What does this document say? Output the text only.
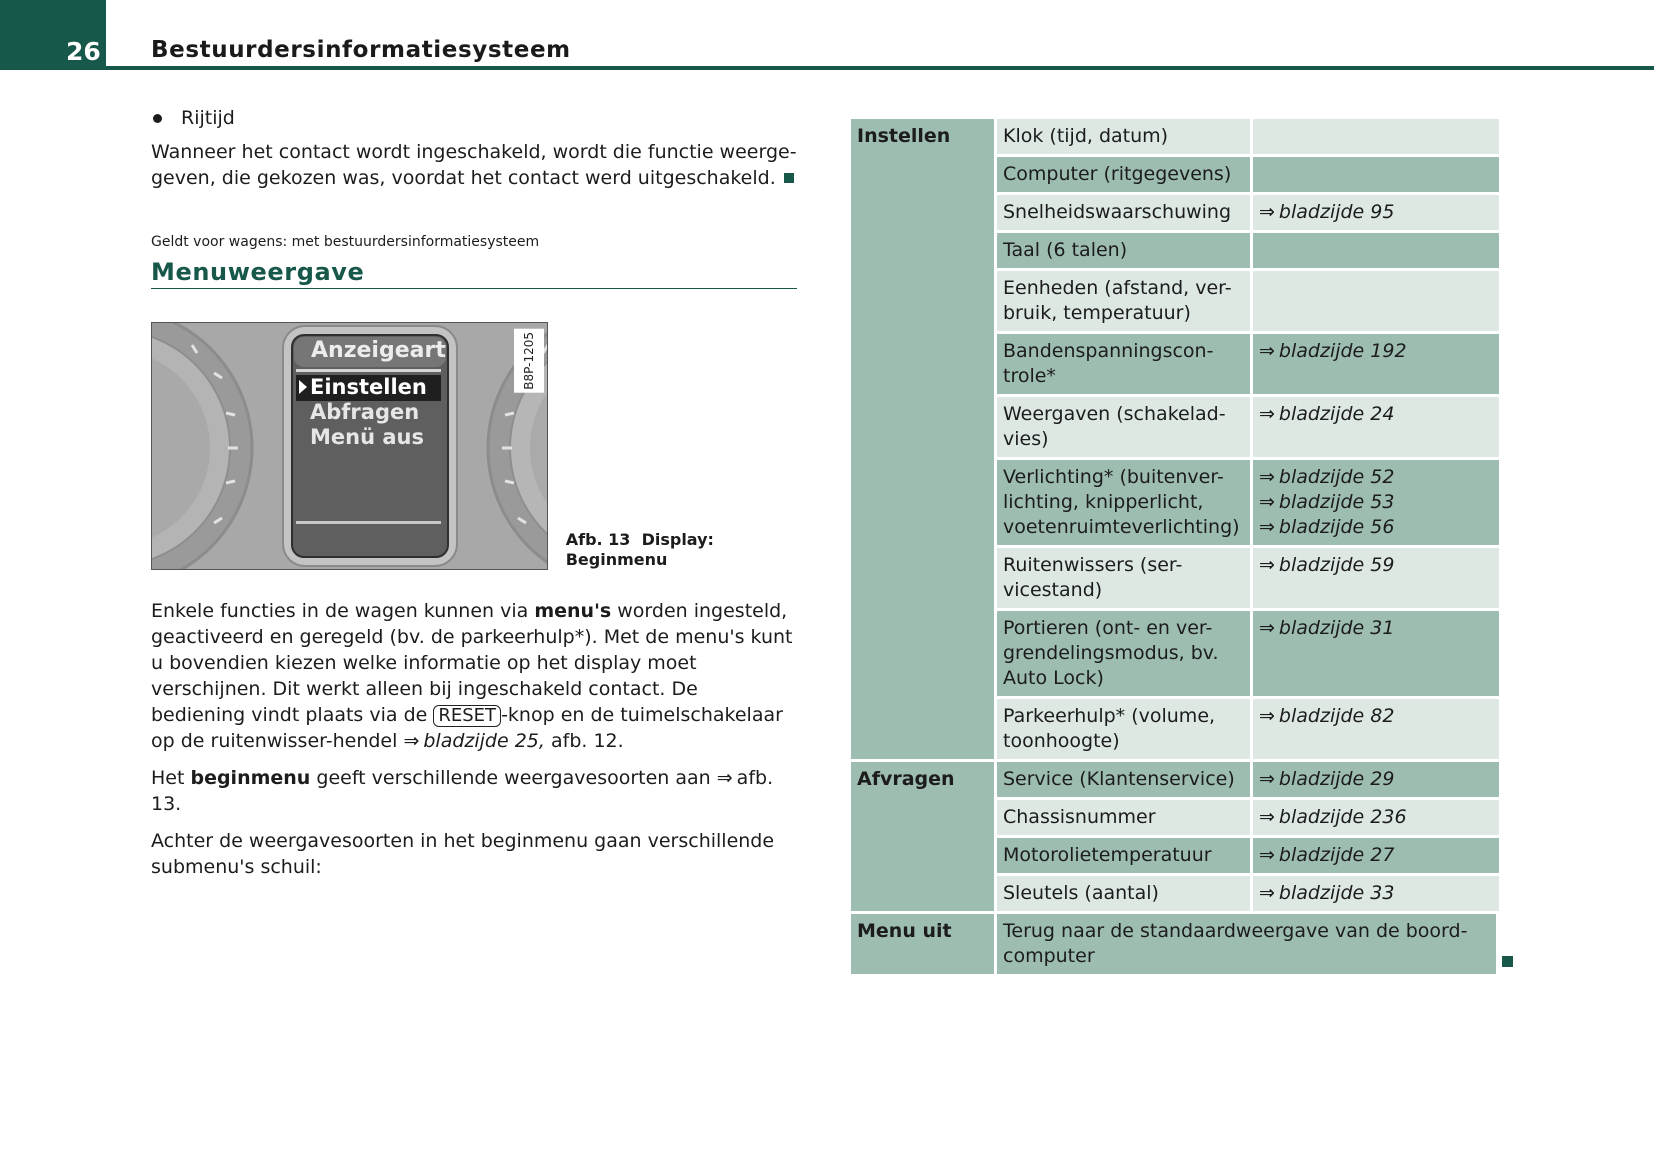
26 Bestuurdersinformatiesysteem
Rijtijd

Wanneer het contact wordt ingeschakeld, wordt die functie weerge-geven, die gekozen was, voordat het contact werd uitgeschakeld.

Geldt voor wagens: met bestuurdersinformatiesysteem
Menuweergave
Anzeigeart
Einstellen
Abfragen
Menü aus
B8P-1205
Afb. 13 Display: Beginmenu

Enkele functies in de wagen kunnen via menu's worden ingesteld, geactiveerd en geregeld (bv. de parkeerhulp*). Met de menu's kunt u bovendien kiezen welke informatie op het display moet verschijnen. Dit werkt alleen bij ingeschakeld contact. De bediening vindt plaats via de RESET -knop en de tuimelschakelaar op de ruitenwisser-hendel ⇒ bladzijde 25, afb. 12.

Het beginmenu geeft verschillende weergavesoorten aan ⇒ afb. 13.

Achter de weergavesoorten in het beginmenu gaan verschillende submenu's schuil:

Instellen	Klok (tijd, datum)	
	Computer (ritgegevens)	
	Snelheidswaarschuwing	⇒ bladzijde 95

	Taal (6 talen)	
	Eenheden (afstand, ver-bruik, temperatuur)	
	Bandenspanningscon-trole*	⇒ bladzijde 192

	Weergaven (schakelad-vies)	⇒ bladzijde 24

	Verlichting* (buitenver-lichting, knipperlicht, voetenruimteverlichting)	⇒ bladzijde 52
⇒ bladzijde 53
⇒ bladzijde 56

	Ruitenwissers (ser-vicestand)	⇒ bladzijde 59

	Portieren (ont- en ver-grendelingsmodus, bv. Auto Lock)	⇒ bladzijde 31

	Parkeerhulp* (volume, toonhoogte)	⇒ bladzijde 82

Afvragen	Service (Klantenservice)	⇒ bladzijde 29

	Chassisnummer	⇒ bladzijde 236

	Motorolietemperatuur	⇒ bladzijde 27

	Sleutels (aantal)	⇒ bladzijde 33

Menu uit	Terug naar de standaardweergave van de boord-computer	
